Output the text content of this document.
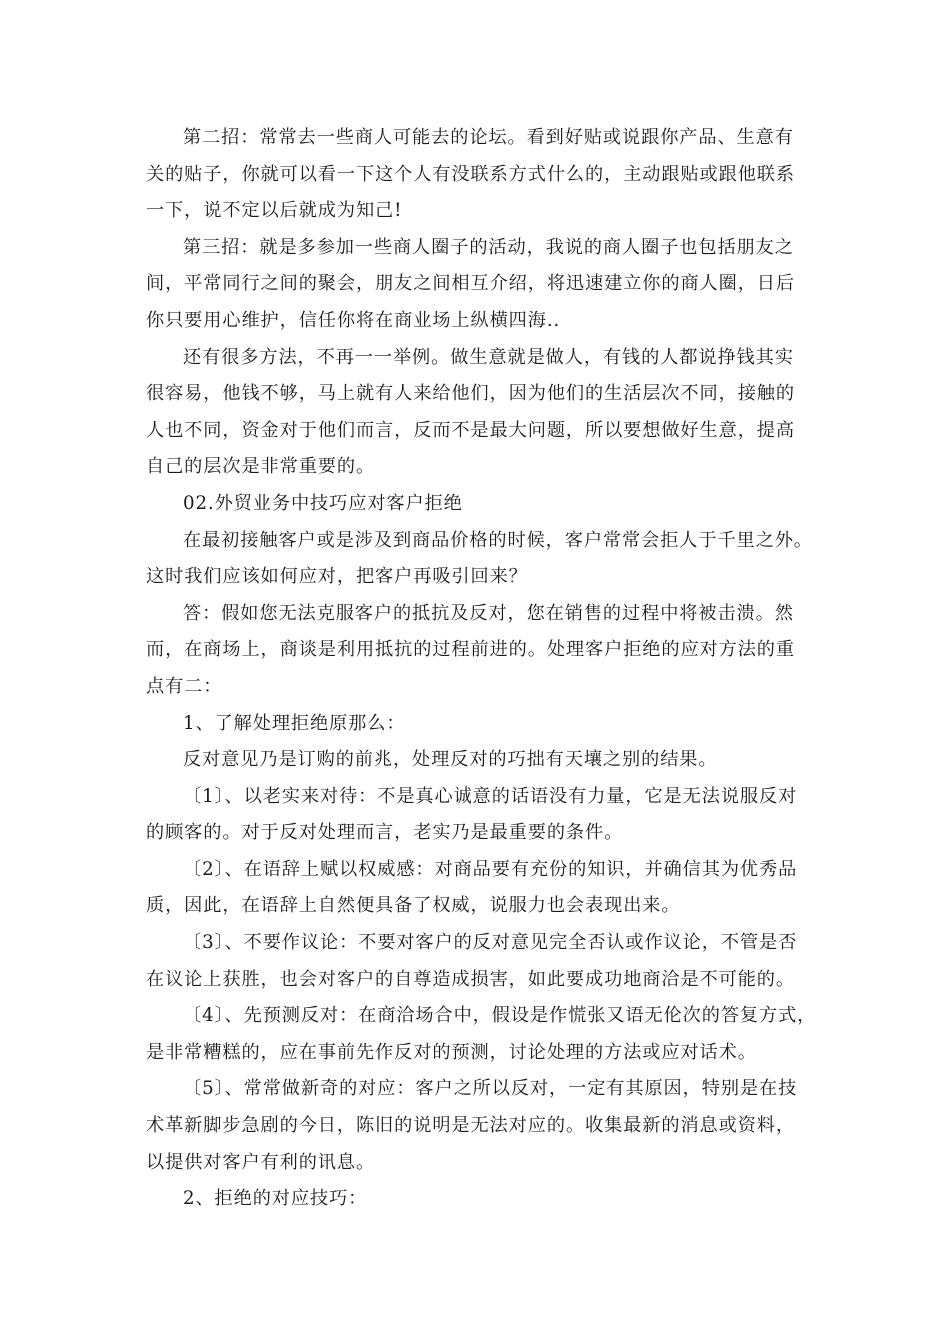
第二招：常常去一些商人可能去的论坛。看到好贴或说跟你产品、生意有
关的贴子，你就可以看一下这个人有没联系方式什么的，主动跟贴或跟他联系
一下，说不定以后就成为知己!
第三招：就是多参加一些商人圈子的活动，我说的商人圈子也包括朋友之
间，平常同行之间的聚会，朋友之间相互介绍，将迅速建立你的商人圈，日后
你只要用心维护，信任你将在商业场上纵横四海..
还有很多方法，不再一一举例。做生意就是做人，有钱的人都说挣钱其实
很容易，他钱不够，马上就有人来给他们，因为他们的生活层次不同，接触的
人也不同，资金对于他们而言，反而不是最大问题，所以要想做好生意，提高
自己的层次是非常重要的。
02.外贸业务中技巧应对客户拒绝
在最初接触客户或是涉及到商品价格的时候，客户常常会拒人于千里之外。
这时我们应该如何应对，把客户再吸引回来？
答：假如您无法克服客户的抵抗及反对，您在销售的过程中将被击溃。然
而，在商场上，商谈是利用抵抗的过程前进的。处理客户拒绝的应对方法的重
点有二：
1、了解处理拒绝原那么：
反对意见乃是订购的前兆，处理反对的巧拙有天壤之别的结果。
〔1〕、以老实来对待：不是真心诚意的话语没有力量，它是无法说服反对
的顾客的。对于反对处理而言，老实乃是最重要的条件。
〔2〕、在语辞上赋以权威感：对商品要有充份的知识，并确信其为优秀品
质，因此，在语辞上自然便具备了权威，说服力也会表现出来。
〔3〕、不要作议论：不要对客户的反对意见完全否认或作议论，不管是否
在议论上获胜，也会对客户的自尊造成损害，如此要成功地商洽是不可能的。
〔4〕、先预测反对：在商洽场合中，假设是作慌张又语无伦次的答复方式，
是非常糟糕的，应在事前先作反对的预测，讨论处理的方法或应对话术。
〔5〕、常常做新奇的对应：客户之所以反对，一定有其原因，特别是在技
术革新脚步急剧的今日，陈旧的说明是无法对应的。收集最新的消息或资料，
以提供对客户有利的讯息。
2、拒绝的对应技巧：
